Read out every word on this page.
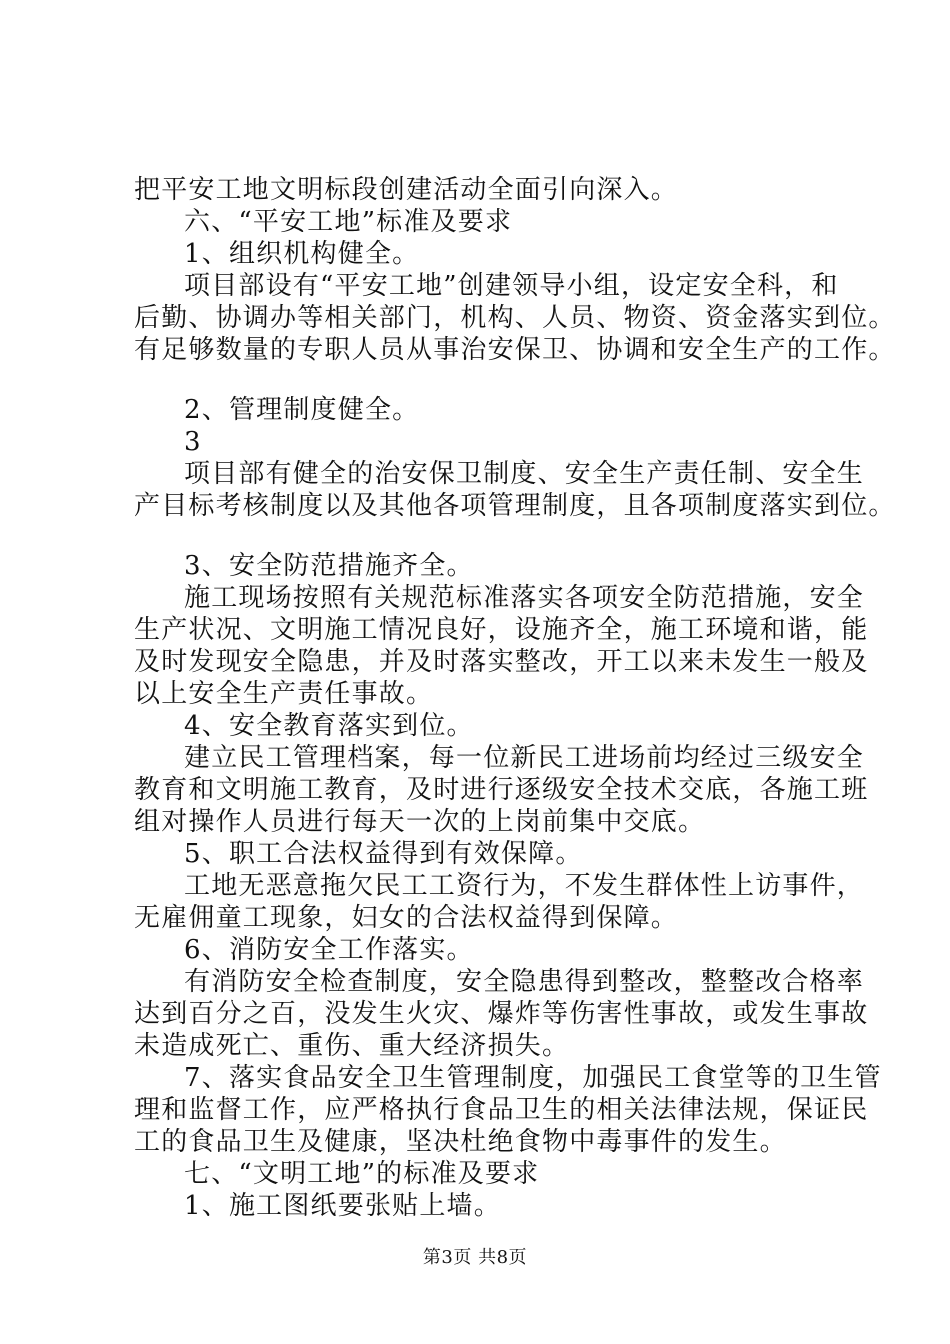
把平安工地文明标段创建活动全面引向深入。
六、“平安工地”标准及要求
1、组织机构健全。
项目部设有“平安工地”创建领导小组，设定安全科，和
后勤、协调办等相关部门，机构、人员、物资、资金落实到位。
有足够数量的专职人员从事治安保卫、协调和安全生产的工作。
2、管理制度健全。
3
项目部有健全的治安保卫制度、安全生产责任制、安全生
产目标考核制度以及其他各项管理制度，且各项制度落实到位。
3、安全防范措施齐全。
施工现场按照有关规范标准落实各项安全防范措施，安全
生产状况、文明施工情况良好，设施齐全，施工环境和谐，能
及时发现安全隐患，并及时落实整改，开工以来未发生一般及
以上安全生产责任事故。
4、安全教育落实到位。
建立民工管理档案，每一位新民工进场前均经过三级安全
教育和文明施工教育，及时进行逐级安全技术交底，各施工班
组对操作人员进行每天一次的上岗前集中交底。
5、职工合法权益得到有效保障。
工地无恶意拖欠民工工资行为，不发生群体性上访事件，
无雇佣童工现象，妇女的合法权益得到保障。
6、消防安全工作落实。
有消防安全检查制度，安全隐患得到整改，整整改合格率
达到百分之百，没发生火灾、爆炸等伤害性事故，或发生事故
未造成死亡、重伤、重大经济损失。
7、落实食品安全卫生管理制度，加强民工食堂等的卫生管
理和监督工作，应严格执行食品卫生的相关法律法规，保证民
工的食品卫生及健康，坚决杜绝食物中毒事件的发生。
七、“文明工地”的标准及要求
1、施工图纸要张贴上墙。
第3页 共8页
